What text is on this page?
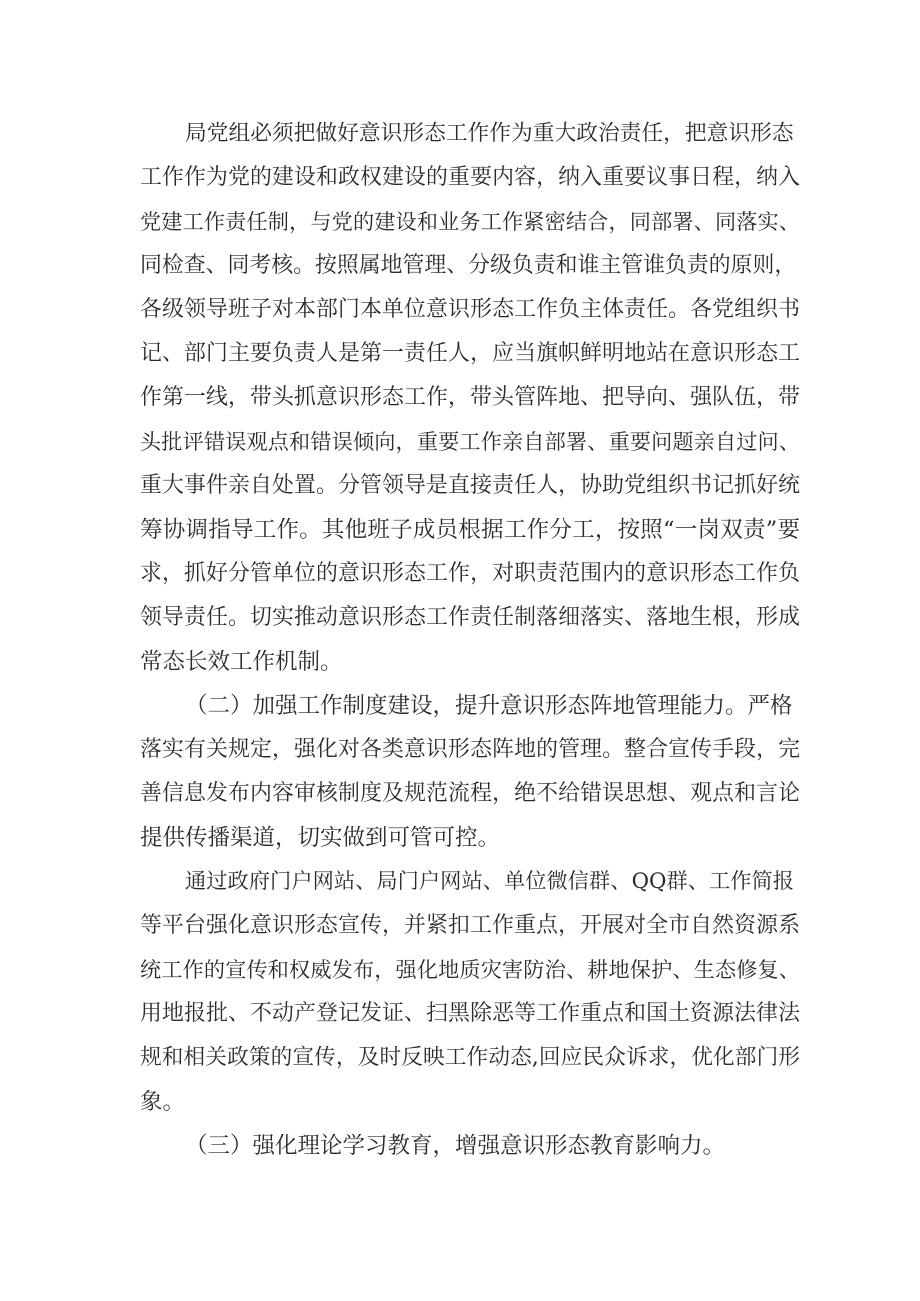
局党组必须把做好意识形态工作作为重大政治责任，把意识形态
工作作为党的建设和政权建设的重要内容，纳入重要议事日程，纳入
党建工作责任制，与党的建设和业务工作紧密结合，同部署、同落实、
同检查、同考核。按照属地管理、分级负责和谁主管谁负责的原则，
各级领导班子对本部门本单位意识形态工作负主体责任。各党组织书
记、部门主要负责人是第一责任人，应当旗帜鲜明地站在意识形态工
作第一线，带头抓意识形态工作，带头管阵地、把导向、强队伍，带
头批评错误观点和错误倾向，重要工作亲自部署、重要问题亲自过问、
重大事件亲自处置。分管领导是直接责任人，协助党组织书记抓好统
筹协调指导工作。其他班子成员根据工作分工，按照“一岗双责”要
求，抓好分管单位的意识形态工作，对职责范围内的意识形态工作负
领导责任。切实推动意识形态工作责任制落细落实、落地生根，形成
常态长效工作机制。
（二）加强工作制度建设，提升意识形态阵地管理能力。严格
落实有关规定，强化对各类意识形态阵地的管理。整合宣传手段，完
善信息发布内容审核制度及规范流程，绝不给错误思想、观点和言论
提供传播渠道，切实做到可管可控。
通过政府门户网站、局门户网站、单位微信群、QQ群、工作简报
等平台强化意识形态宣传，并紧扣工作重点，开展对全市自然资源系
统工作的宣传和权威发布，强化地质灾害防治、耕地保护、生态修复、
用地报批、不动产登记发证、扫黑除恶等工作重点和国土资源法律法
规和相关政策的宣传，及时反映工作动态,回应民众诉求，优化部门形
象。
（三）强化理论学习教育，增强意识形态教育影响力。
